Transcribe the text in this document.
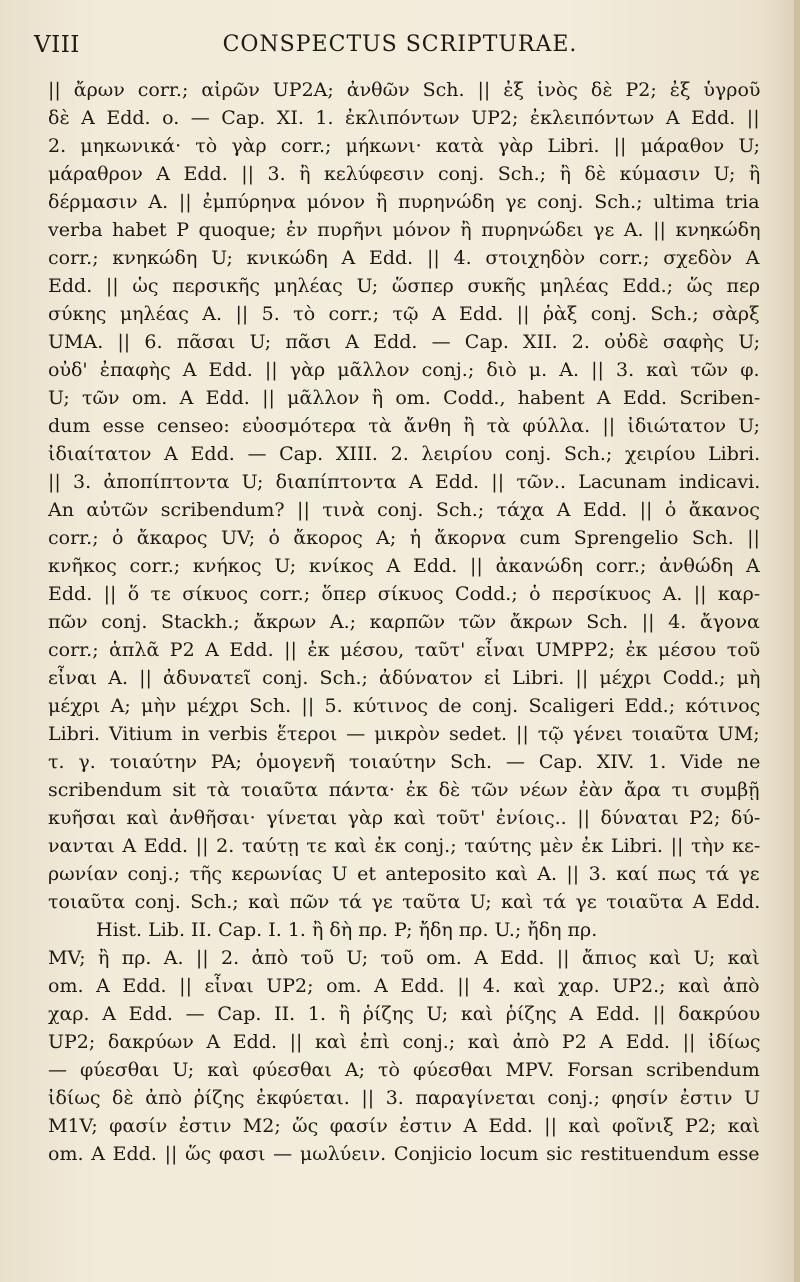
VIII	CONSPECTUS SCRIPTURAE.
|| ἄρων corr.; αἰρῶν UP2A; ἀνθῶν Sch. || ἐξ ἰνὸς δὲ P2; ἐξ ὑγροῦ
δὲ A Edd. o. — Cap. XI. 1. ἐκλιπόντων UP2; ἐκλειπόντων A Edd. ||
2. μηκωνικά· τὸ γὰρ corr.; μήκωνι· κατὰ γὰρ Libri. || μάραθον U;
μάραθρον A Edd. || 3. ἢ κελύφεσιν conj. Sch.; ἢ δὲ κύμασιν U; ἢ
δέρμασιν A. || ἐμπύρηνα μόνον ἢ πυρηνώδη γε conj. Sch.; ultima tria
verba habet P quoque; ἐν πυρῆνι μόνον ἢ πυρηνώδει γε A. || κνηκώδη
corr.; κνηκώδη U; κνικώδη A Edd. || 4. στοιχηδὸν corr.; σχεδὸν A
Edd. || ὡς περσικῆς μηλέας U; ὥσπερ συκῆς μηλέας Edd.; ὥς περ
σύκης μηλέας A. || 5. τὸ corr.; τῷ A Edd. || ῥὰξ conj. Sch.; σὰρξ
UMA. || 6. πᾶσαι U; πᾶσι A Edd. — Cap. XII. 2. οὐδὲ σαφὴς U;
οὐδ' ἐπαφὴς A Edd. || γὰρ μᾶλλον conj.; διὸ μ. A. || 3. καὶ τῶν φ.
U; τῶν om. A Edd. || μᾶλλον ἢ om. Codd., habent A Edd. Scriben-
dum esse censeo: εὐοσμότερα τὰ ἄνθη ἢ τὰ φύλλα. || ἰδιώτατον U;
ἰδιαίτατον A Edd. — Cap. XIII. 2. λειρίου conj. Sch.; χειρίου Libri.
|| 3. ἀποπίπτοντα U; διαπίπτοντα A Edd. || τῶν.. Lacunam indicavi.
An αὐτῶν scribendum? || τινὰ conj. Sch.; τάχα A Edd. || ὁ ἄκανος
corr.; ὁ ἄκαρος UV; ὁ ἄκορος A; ἡ ἄκορνα cum Sprengelio Sch. ||
κνῆκος corr.; κνήκος U; κνίκος A Edd. || ἀκανώδη corr.; ἀνθώδη A
Edd. || ὅ τε σίκυος corr.; ὅπερ σίκυος Codd.; ὁ περσίκυος A. || καρ-
πῶν conj. Stackh.; ἄκρων A.; καρπῶν τῶν ἄκρων Sch. || 4. ἄγονα
corr.; ἁπλᾶ P2 A Edd. || ἐκ μέσου, ταῦτ' εἶναι UMPP2; ἐκ μέσου τοῦ
εἶναι A. || ἀδυνατεῖ conj. Sch.; ἀδύνατον εἰ Libri. || μέχρι Codd.; μὴ
μέχρι A; μὴν μέχρι Sch. || 5. κύτινος de conj. Scaligeri Edd.; κότινος
Libri. Vitium in verbis ἕτεροι — μικρὸν sedet. || τῷ γένει τοιαῦτα UM;
τ. γ. τοιαύτην PA; ὁμογενῆ τοιαύτην Sch. — Cap. XIV. 1. Vide ne
scribendum sit τὰ τοιαῦτα πάντα· ἐκ δὲ τῶν νέων ἐὰν ἄρα τι συμβῇ
κυῆσαι καὶ ἀνθῆσαι· γίνεται γὰρ καὶ τοῦτ' ἐνίοις.. || δύναται P2; δύ-
νανται A Edd. || 2. ταύτῃ τε καὶ ἐκ conj.; ταύτης μὲν ἐκ Libri. || τὴν κε-
ρωνίαν conj.; τῆς κερωνίας U et anteposito καὶ A. || 3. καί πως τά γε
τοιαῦτα conj. Sch.; καὶ πῶν τά γε ταῦτα U; καὶ τά γε τοιαῦτα A Edd.
Hist. Lib. II. Cap. I. 1. ἢ δὴ πρ. P; ἤδη πρ. U.; ἤδη πρ.
MV; ἢ πρ. A. || 2. ἀπὸ τοῦ U; τοῦ om. A Edd. || ἄπιος καὶ U; καὶ
om. A Edd. || εἶναι UP2; om. A Edd. || 4. καὶ χαρ. UP2.; καὶ ἀπὸ
χαρ. A Edd. — Cap. II. 1. ἢ ῥίζης U; καὶ ῥίζης A Edd. || δακρύου
UP2; δακρύων A Edd. || καὶ ἐπὶ conj.; καὶ ἀπὸ P2 A Edd. || ἰδίως
— φύεσθαι U; καὶ φύεσθαι A; τὸ φύεσθαι MPV. Forsan scribendum
ἰδίως δὲ ἀπὸ ῥίζης ἐκφύεται. || 3. παραγίνεται conj.; φησίν ἐστιν U
M1V; φασίν ἐστιν M2; ὥς φασίν ἐστιν A Edd. || καὶ φοῖνιξ P2; καὶ
om. A Edd. || ὥς φασι — μωλύειν. Conjicio locum sic restituendum esse
